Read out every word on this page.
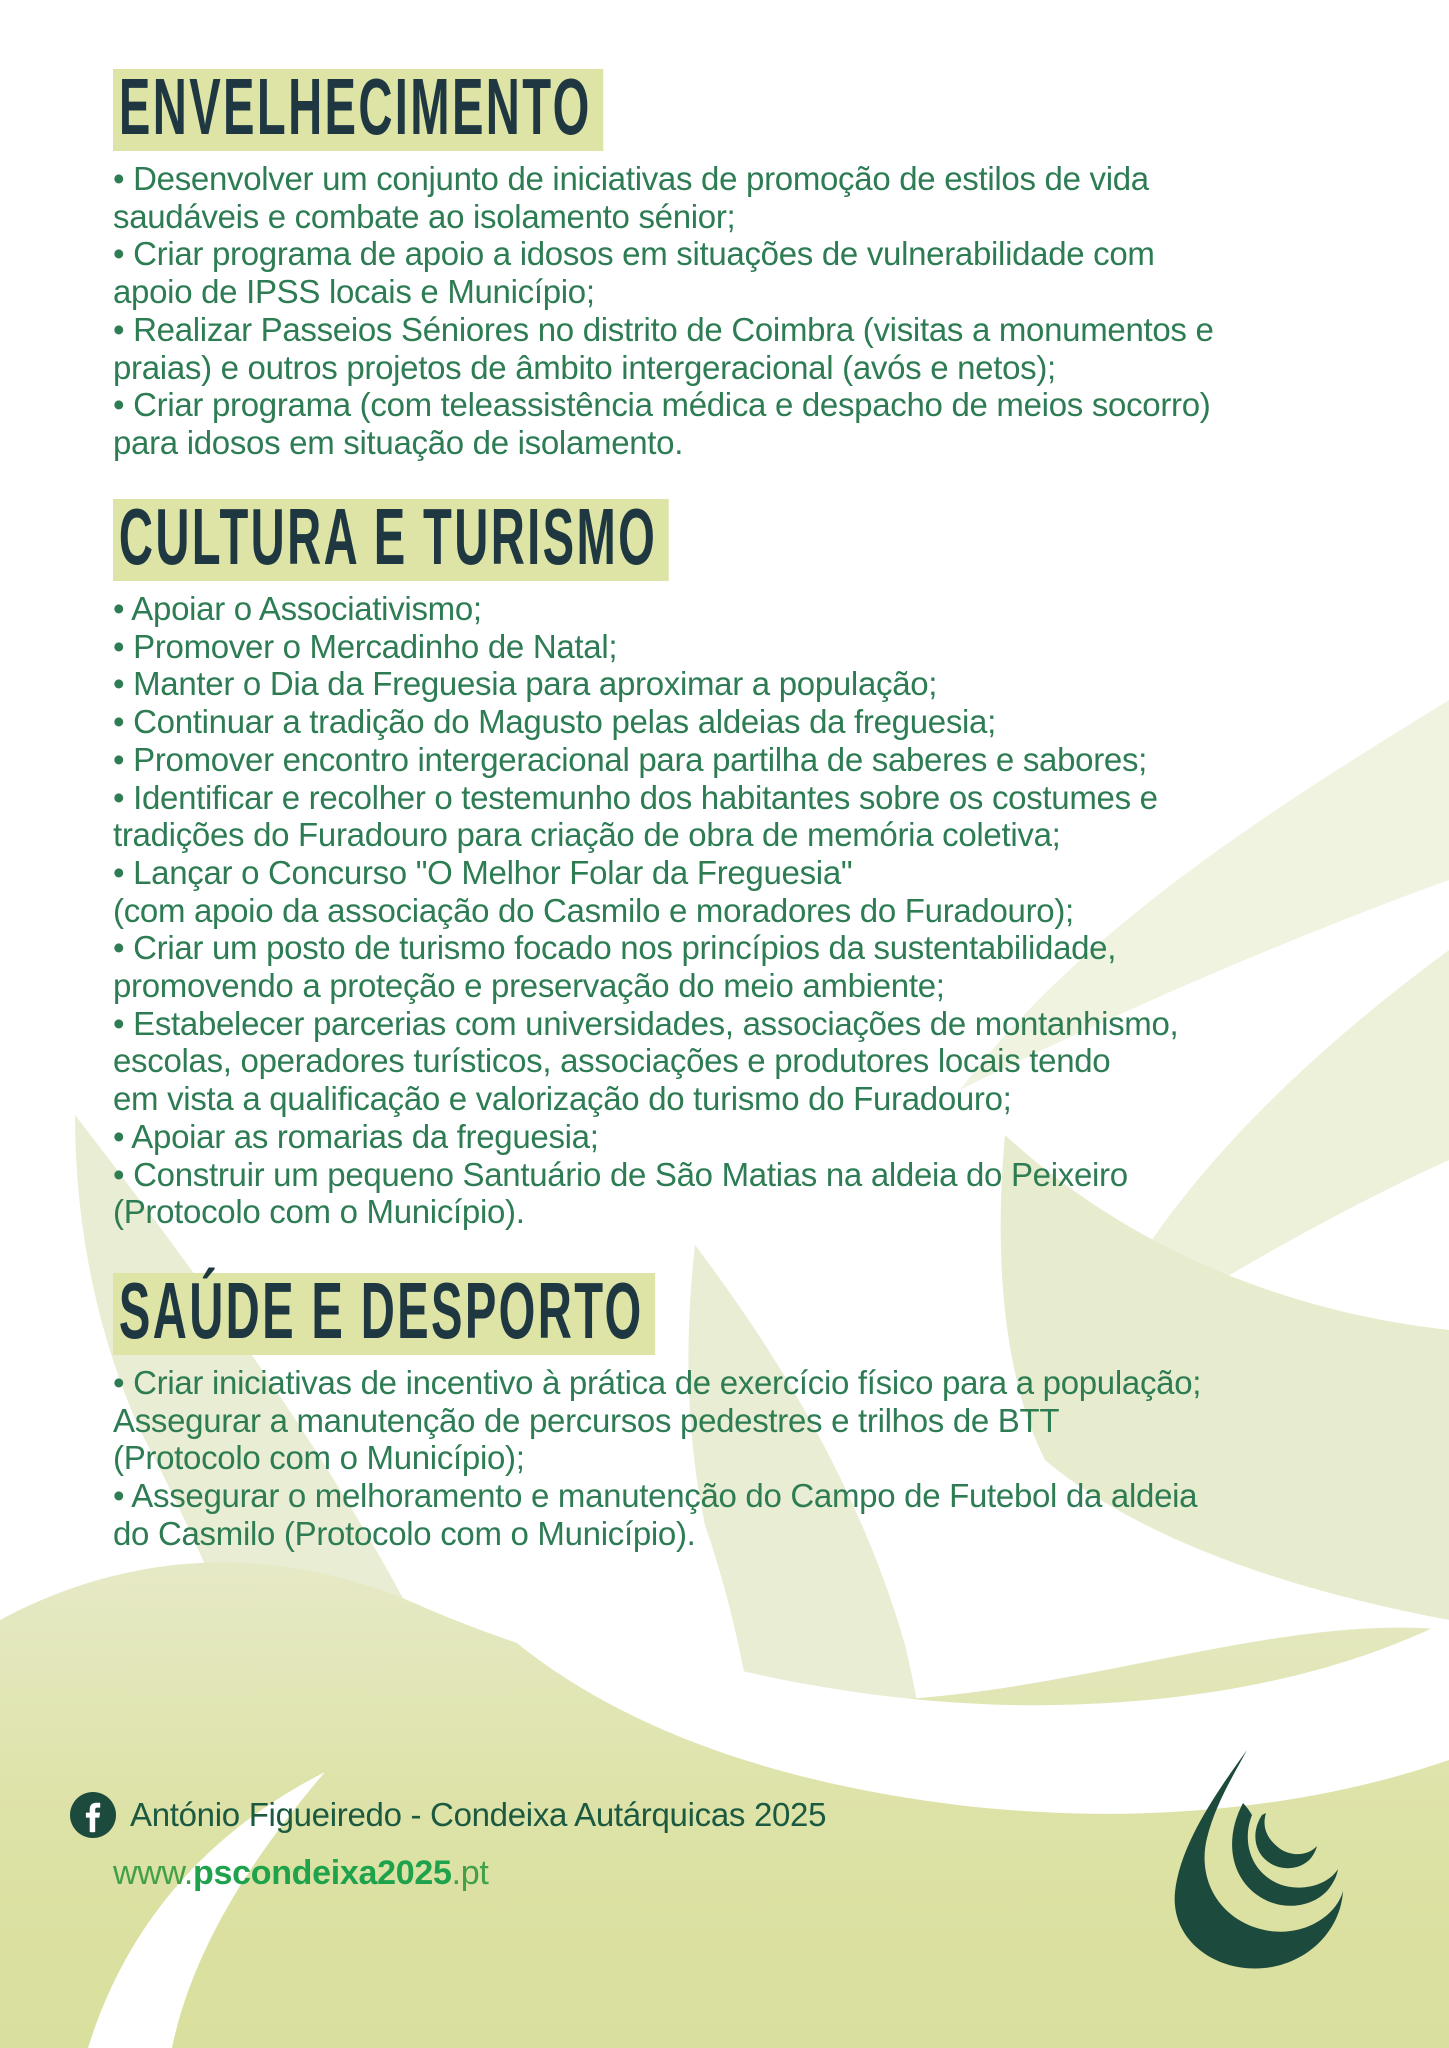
ENVELHECIMENTO
• Desenvolver um conjunto de iniciativas de promoção de estilos de vida
saudáveis e combate ao isolamento sénior;
• Criar programa de apoio a idosos em situações de vulnerabilidade com
apoio de IPSS locais e Município;
• Realizar Passeios Séniores no distrito de Coimbra (visitas a monumentos e
praias) e outros projetos de âmbito intergeracional (avós e netos);
• Criar programa (com teleassistência médica e despacho de meios socorro)
para idosos em situação de isolamento.
CULTURA E TURISMO
• Apoiar o Associativismo;
• Promover o Mercadinho de Natal;
• Manter o Dia da Freguesia para aproximar a população;
• Continuar a tradição do Magusto pelas aldeias da freguesia;
• Promover encontro intergeracional para partilha de saberes e sabores;
• Identificar e recolher o testemunho dos habitantes sobre os costumes e
tradições do Furadouro para criação de obra de memória coletiva;
• Lançar o Concurso "O Melhor Folar da Freguesia"
(com apoio da associação do Casmilo e moradores do Furadouro);
• Criar um posto de turismo focado nos princípios da sustentabilidade,
promovendo a proteção e preservação do meio ambiente;
• Estabelecer parcerias com universidades, associações de montanhismo,
escolas, operadores turísticos, associações e produtores locais tendo
em vista a qualificação e valorização do turismo do Furadouro;
• Apoiar as romarias da freguesia;
• Construir um pequeno Santuário de São Matias na aldeia do Peixeiro
(Protocolo com o Município).
SAÚDE E DESPORTO
• Criar iniciativas de incentivo à prática de exercício físico para a população;
Assegurar a manutenção de percursos pedestres e trilhos de BTT
(Protocolo com o Município);
• Assegurar o melhoramento e manutenção do Campo de Futebol da aldeia
do Casmilo (Protocolo com o Município).
António Figueiredo - Condeixa Autárquicas 2025
www.pscondeixa2025.pt
